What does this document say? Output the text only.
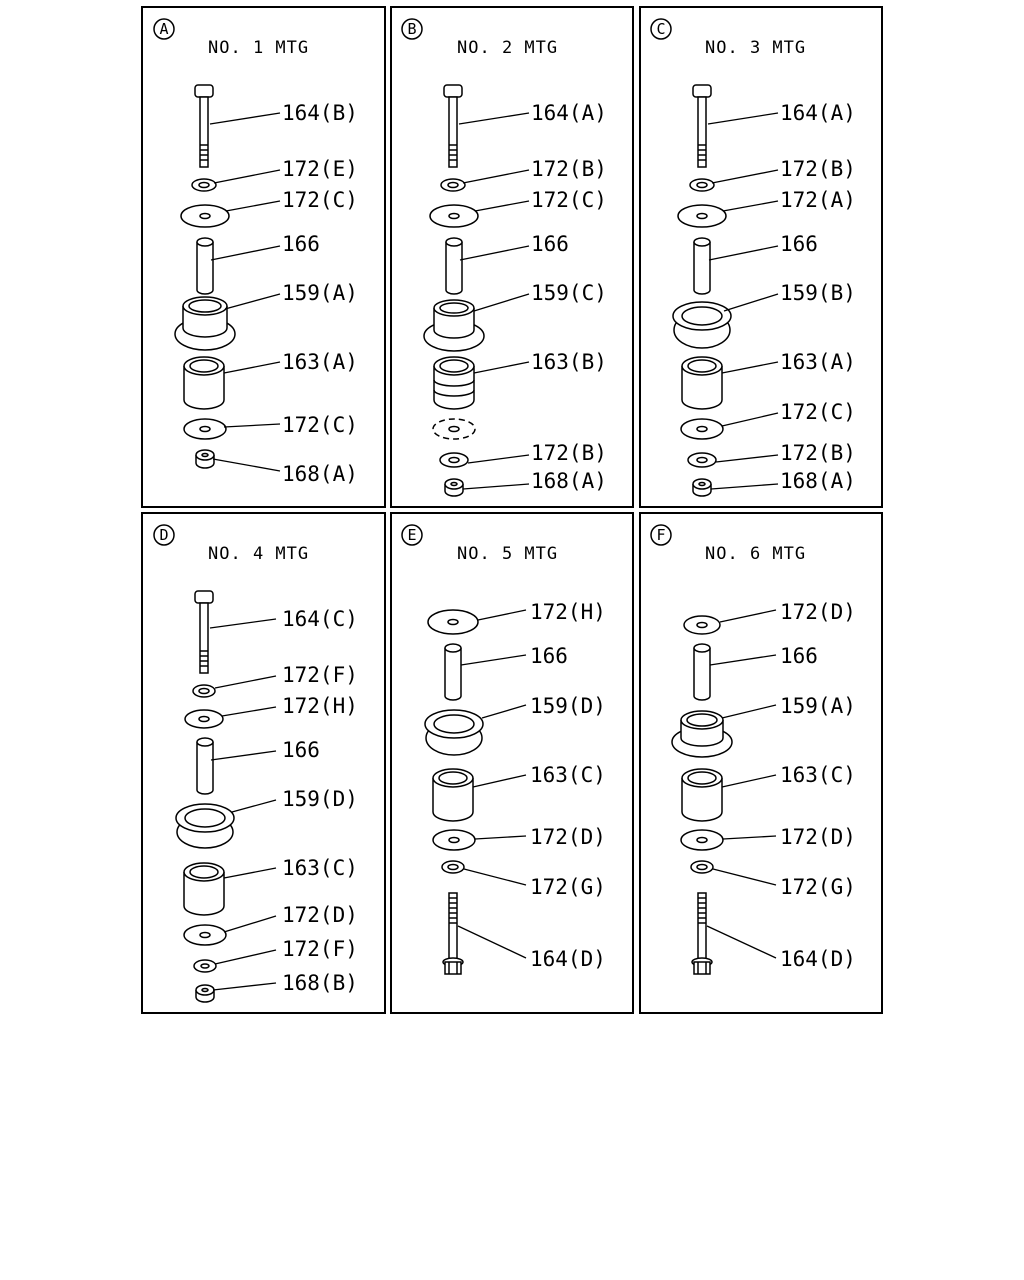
A
NO. 1 MTG
164(B)
172(E)
172(C)
166
159(A)
163(A)
172(C)
168(A)
B
NO. 2 MTG
164(A)
172(B)
172(C)
166
159(C)
163(B)
172(B)
168(A)
C
NO. 3 MTG
164(A)
172(B)
172(A)
166
159(B)
163(A)
172(C)
172(B)
168(A)
D
NO. 4 MTG
164(C)
172(F)
172(H)
166
159(D)
163(C)
172(D)
172(F)
168(B)
E
NO. 5 MTG
172(H)
166
159(D)
163(C)
172(D)
172(G)
164(D)
F
NO. 6 MTG
172(D)
166
159(A)
163(C)
172(D)
172(G)
164(D)
